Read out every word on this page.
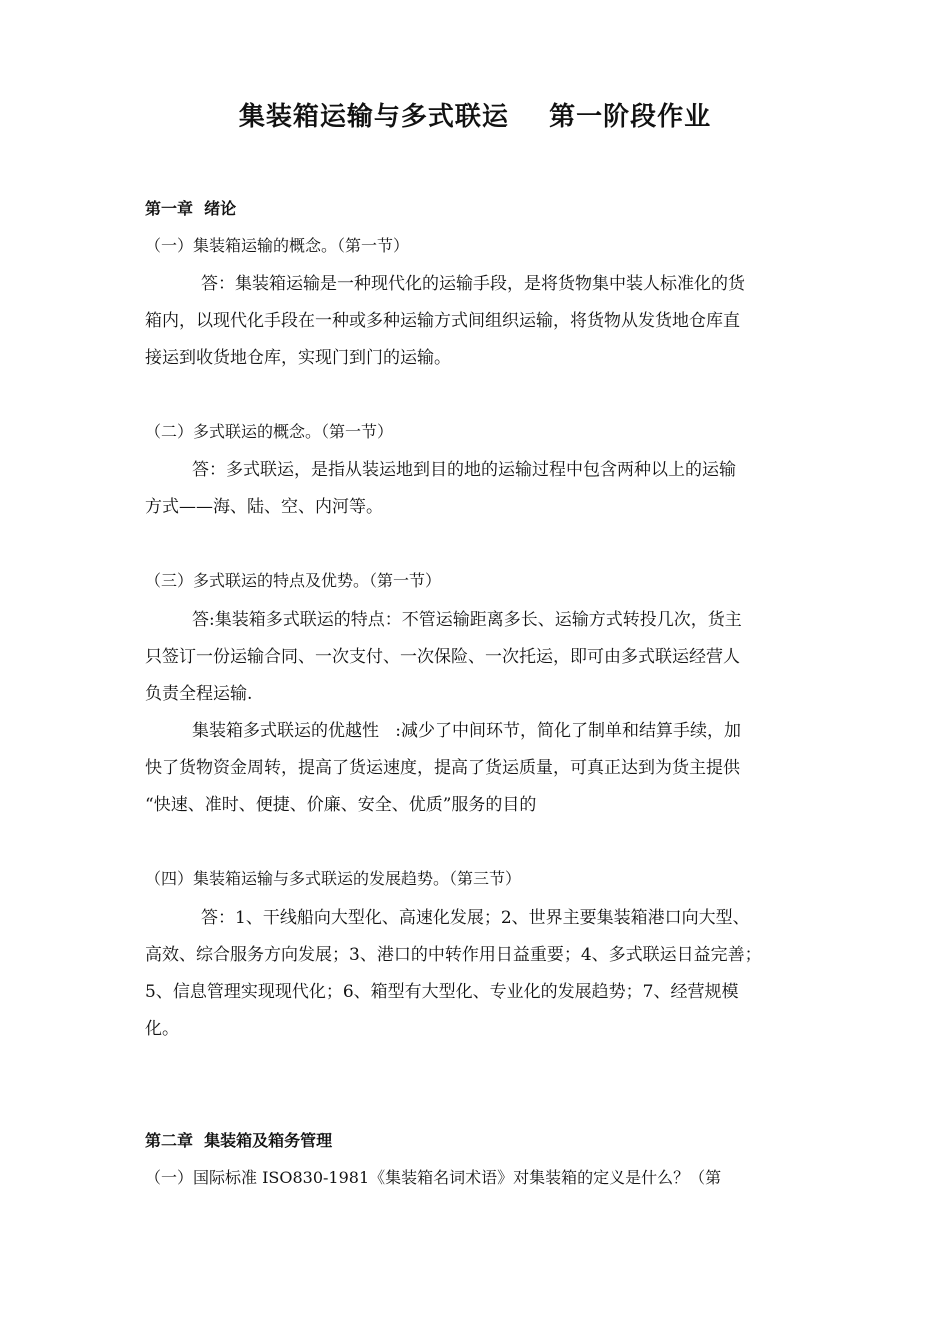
集装箱运输与多式联运    第一阶段作业
第一章  绪论
（一）集装箱运输的概念。（第一节）
答：集装箱运输是一种现代化的运输手段，是将货物集中装人标准化的货
箱内，以现代化手段在一种或多种运输方式间组织运输，将货物从发货地仓库直
接运到收货地仓库，实现门到门的运输。
（二）多式联运的概念。（第一节）
答：多式联运，是指从装运地到目的地的运输过程中包含两种以上的运输
方式——海、陆、空、内河等。
（三）多式联运的特点及优势。（第一节）
答:集装箱多式联运的特点：不管运输距离多长、运输方式转投几次，货主
只签订一份运输合同、一次支付、一次保险、一次托运，即可由多式联运经营人
负责全程运输.
集装箱多式联运的优越性   :减少了中间环节，简化了制单和结算手续，加
快了货物资金周转，提高了货运速度，提高了货运质量，可真正达到为货主提供
“快速、准时、便捷、价廉、安全、优质”服务的目的
（四）集装箱运输与多式联运的发展趋势。（第三节）
答：1、干线船向大型化、高速化发展；2、世界主要集装箱港口向大型、
高效、综合服务方向发展；3、港口的中转作用日益重要；4、多式联运日益完善；
5、信息管理实现现代化；6、箱型有大型化、专业化的发展趋势；7、经营规模
化。
第二章  集装箱及箱务管理
（一）国际标准 ISO830-1981《集装箱名词术语》对集装箱的定义是什么？（第
